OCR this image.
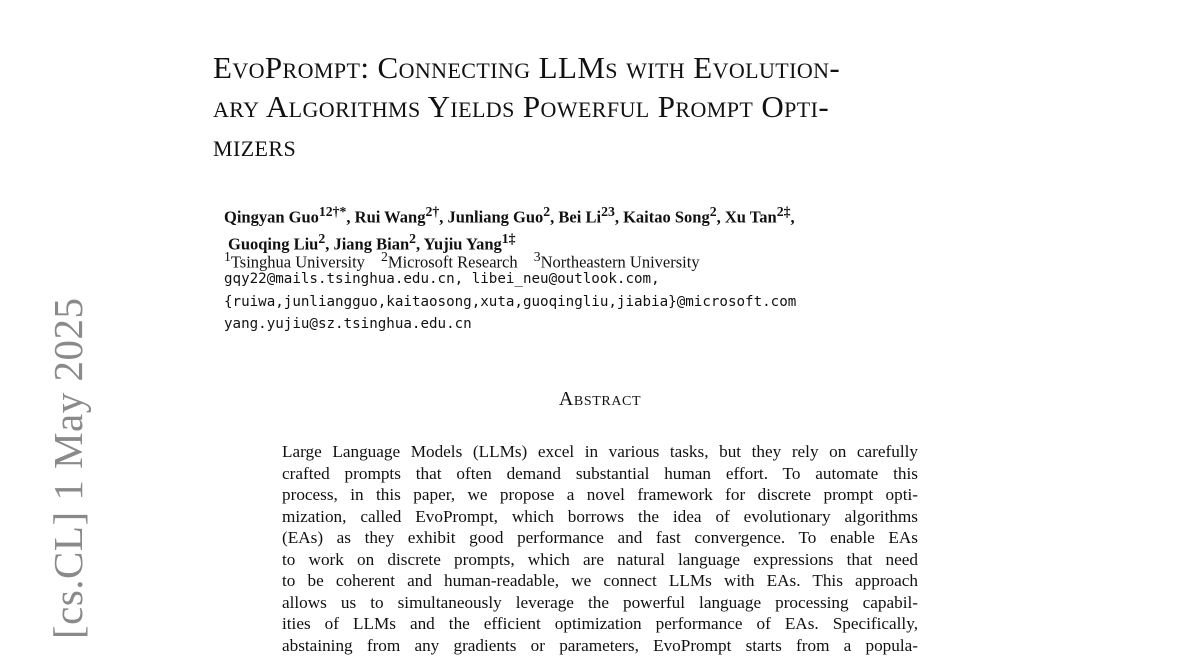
[cs.CL] 1 May 2025
EvoPrompt: Connecting LLMs with Evolution-
ary Algorithms Yields Powerful Prompt Opti-
mizers
Qingyan Guo$^{12\dagger*}$, Rui Wang$^{2\dagger}$, Junliang Guo$^2$, Bei Li$^{23}$, Kaitao Song$^2$, Xu Tan$^{2\ddagger}$,
Guoqing Liu$^2$, Jiang Bian$^2$, Yujiu Yang$^{1\ddagger}$
$^1$Tsinghua University $^2$Microsoft Research $^3$Northeastern University
gqy22@mails.tsinghua.edu.cn, libei_neu@outlook.com,
{ruiwa,junliangguo,kaitaosong,xuta,guoqingliu,jiabia}@microsoft.com
yang.yujiu@sz.tsinghua.edu.cn
Abstract
Large Language Models (LLMs) excel in various tasks, but they rely on carefully
crafted prompts that often demand substantial human effort. To automate this
process, in this paper, we propose a novel framework for discrete prompt opti-
mization, called EvoPrompt, which borrows the idea of evolutionary algorithms
(EAs) as they exhibit good performance and fast convergence. To enable EAs
to work on discrete prompts, which are natural language expressions that need
to be coherent and human-readable, we connect LLMs with EAs. This approach
allows us to simultaneously leverage the powerful language processing capabil-
ities of LLMs and the efficient optimization performance of EAs. Specifically,
abstaining from any gradients or parameters, EvoPrompt starts from a popula-
